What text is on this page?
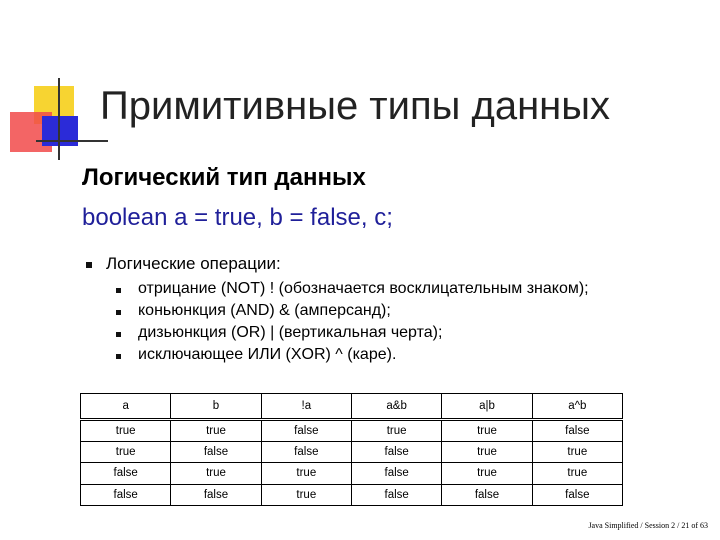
Примитивные типы данных
Логический тип данных
boolean a = true, b = false, c;
Логические операции:
отрицание (NOT) ! (обозначается восклицательным знаком);
коньюнкция (AND) & (амперсанд);
дизьюнкция (OR) | (вертикальная черта);
исключающее ИЛИ (XOR) ^ (каре).
a	b	!a	a&b	a|b	a^b
true	true	false	true	true	false
true	false	false	false	true	true
false	true	true	false	true	true
false	false	true	false	false	false
Java Simplified / Session 2 / 21 of 63
